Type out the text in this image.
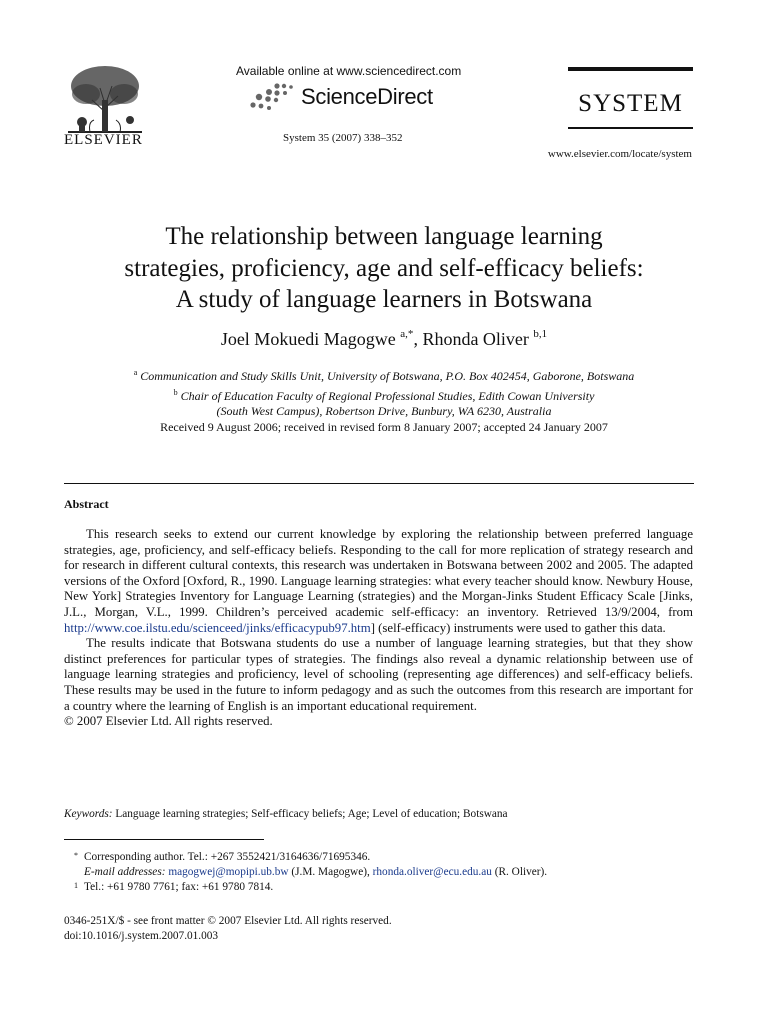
ELSEVIER
Available online at www.sciencedirect.com
ScienceDirect
System 35 (2007) 338–352
SYSTEM
www.elsevier.com/locate/system
The relationship between language learning
strategies, proficiency, age and self-efficacy beliefs:
A study of language learners in Botswana
Joel Mokuedi Magogwe $^{a,*}$, Rhonda Oliver $^{b,1}$
$^a$ Communication and Study Skills Unit, University of Botswana, P.O. Box 402454, Gaborone, Botswana
$^b$ Chair of Education Faculty of Regional Professional Studies, Edith Cowan University
(South West Campus), Robertson Drive, Bunbury, WA 6230, Australia
Received 9 August 2006; received in revised form 8 January 2007; accepted 24 January 2007
Abstract

This research seeks to extend our current knowledge by exploring the relationship between preferred language strategies, age, proficiency, and self-efficacy beliefs. Responding to the call for more replication of strategy research and for research in different cultural contexts, this research was undertaken in Botswana between 2002 and 2005. The adapted versions of the Oxford [Oxford, R., 1990. Language learning strategies: what every teacher should know. Newbury House, New York] Strategies Inventory for Language Learning (strategies) and the Morgan-Jinks Student Efficacy Scale [Jinks, J.L., Morgan, V.L., 1999. Children’s perceived academic self-efficacy: an inventory. Retrieved 13/9/2004, from http://www.coe.ilstu.edu/scienceed/jinks/efficacypub97.htm] (self-efficacy) instruments were used to gather this data.

The results indicate that Botswana students do use a number of language learning strategies, but that they show distinct preferences for particular types of strategies. The findings also reveal a dynamic relationship between use of language learning strategies and proficiency, level of schooling (representing age differences) and self-efficacy beliefs. These results may be used in the future to inform pedagogy and as such the outcomes from this research are important for a country where the learning of English is an important educational requirement.

© 2007 Elsevier Ltd. All rights reserved.
Keywords: Language learning strategies; Self-efficacy beliefs; Age; Level of education; Botswana
* Corresponding author. Tel.: +267 3552421/3164636/71695346.
E-mail addresses: magogwej@mopipi.ub.bw (J.M. Magogwe), rhonda.oliver@ecu.edu.au (R. Oliver).
1 Tel.: +61 9780 7761; fax: +61 9780 7814.
0346-251X/$ - see front matter © 2007 Elsevier Ltd. All rights reserved.
doi:10.1016/j.system.2007.01.003
